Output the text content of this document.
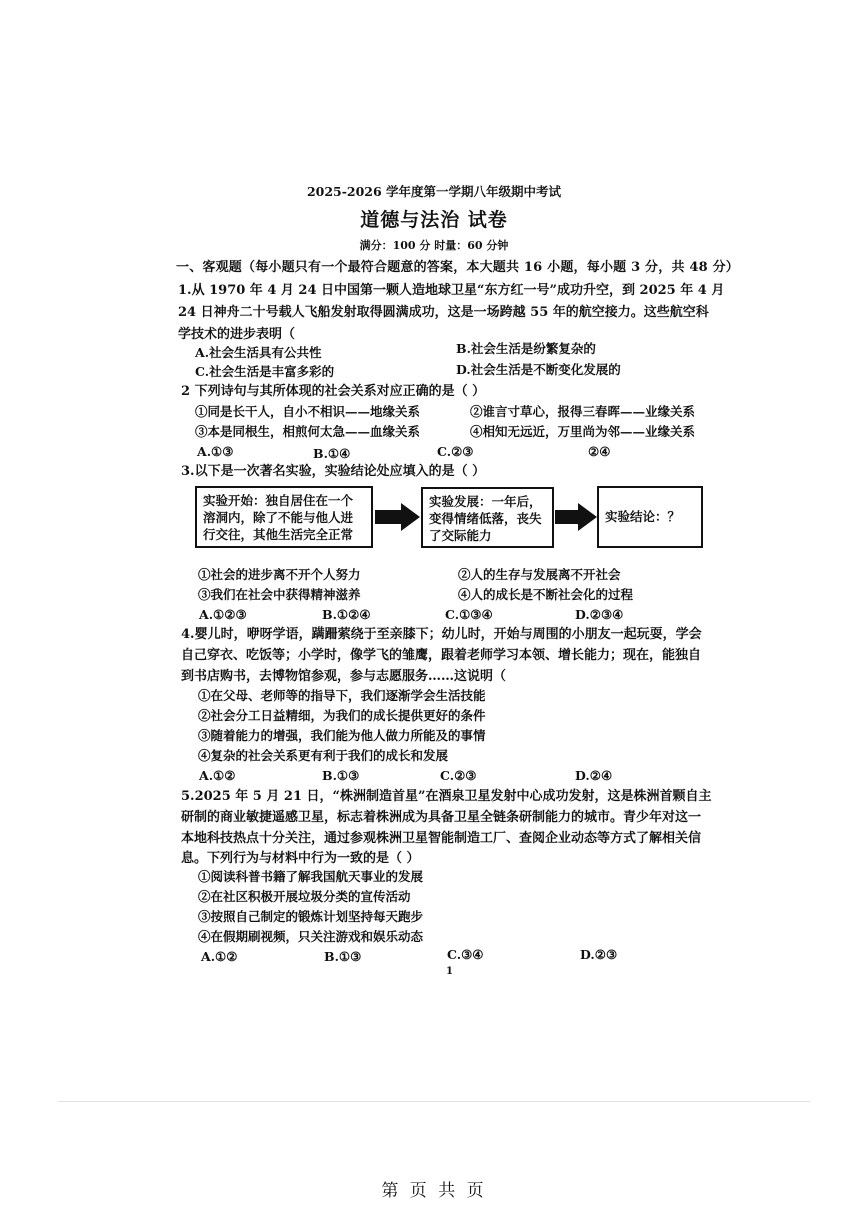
2025-2026 学年度第一学期八年级期中考试
道德与法治 试卷
满分：100 分 时量：60 分钟
一、客观题（每小题只有一个最符合题意的答案，本大题共 16 小题，每小题 3 分，共 48 分）
1.从 1970 年 4 月 24 日中国第一颗人造地球卫星“东方红一号”成功升空，到 2025 年 4 月
24 日神舟二十号载人飞船发射取得圆满成功，这是一场跨越 55 年的航空接力。这些航空科
学技术的进步表明（
A.社会生活具有公共性	B.社会生活是纷繁复杂的
C.社会生活是丰富多彩的	D.社会生活是不断变化发展的
2 下列诗句与其所体现的社会关系对应正确的是（ ）
①同是长干人，自小不相识——地缘关系	②谁言寸草心，报得三春晖——业缘关系
③本是同根生，相煎何太急——血缘关系	④相知无远近，万里尚为邻——业缘关系
A.①③	B.①④	C.②③	②④
3.以下是一次著名实验，实验结论处应填入的是（ ）
实验开始：独自居住在一个
溶洞内，除了不能与他人进
行交往，其他生活完全正常
实验发展：一年后，
变得情绪低落，丧失
了交际能力
实验结论：？
①社会的进步离不开个人努力	②人的生存与发展离不开社会
③我们在社会中获得精神滋养	④人的成长是不断社会化的过程
A.①②③	B.①②④	C.①③④	D.②③④
4.婴儿时，咿呀学语，蹒跚萦绕于至亲膝下；幼儿时，开始与周围的小朋友一起玩耍，学会
自己穿衣、吃饭等；小学时，像学飞的雏鹰，跟着老师学习本领、增长能力；现在，能独自
到书店购书，去博物馆参观，参与志愿服务……这说明（
①在父母、老师等的指导下，我们逐渐学会生活技能
②社会分工日益精细，为我们的成长提供更好的条件
③随着能力的增强，我们能为他人做力所能及的事情
④复杂的社会关系更有利于我们的成长和发展
A.①②	B.①③	C.②③	D.②④
5.2025 年 5 月 21 日，“株洲制造首星”在酒泉卫星发射中心成功发射，这是株洲首颗自主
研制的商业敏捷遥感卫星，标志着株洲成为具备卫星全链条研制能力的城市。青少年对这一
本地科技热点十分关注，通过参观株洲卫星智能制造工厂、查阅企业动态等方式了解相关信
息。下列行为与材料中行为一致的是（ ）
①阅读科普书籍了解我国航天事业的发展
②在社区积极开展垃圾分类的宣传活动
③按照自己制定的锻炼计划坚持每天跑步
④在假期刷视频，只关注游戏和娱乐动态
A.①②	B.①③	C.③④	D.②③
1
第 页 共 页
